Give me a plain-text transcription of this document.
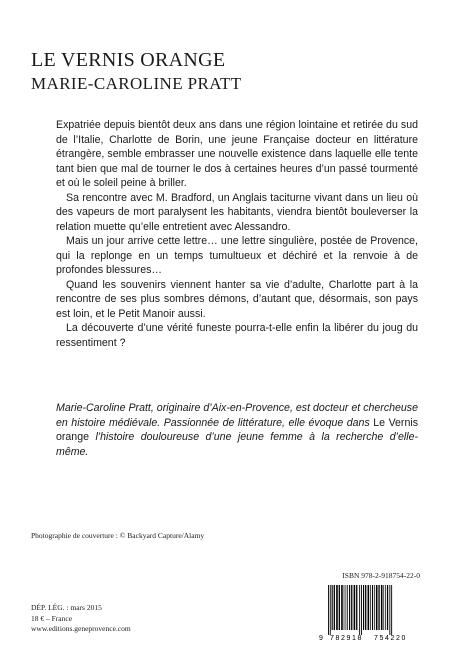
LE VERNIS ORANGE
MARIE-CAROLINE PRATT

Expatriée depuis bientôt deux ans dans une région lointaine et retirée du sud de l’Italie, Charlotte de Borin, une jeune Française docteur en littérature étrangère, semble embrasser une nouvelle existence dans laquelle elle tente tant bien que mal de tourner le dos à certaines heures d’un passé tourmenté et où le soleil peine à briller.

Sa rencontre avec M. Bradford, un Anglais taciturne vivant dans un lieu où des vapeurs de mort paralysent les habitants, viendra bientôt bouleverser la relation muette qu’elle entretient avec Alessandro.

Mais un jour arrive cette lettre… une lettre singulière, postée de Provence, qui la replonge en un temps tumultueux et déchiré et la renvoie à de profondes blessures…

Quand les souvenirs viennent hanter sa vie d’adulte, Charlotte part à la rencontre de ses plus sombres démons, d’autant que, désormais, son pays est loin, et le Petit Manoir aussi.

La découverte d’une vérité funeste pourra-t-elle enfin la libérer du joug du ressentiment ?

Marie-Caroline Pratt, originaire d’Aix-en-Provence, est docteur et chercheuse en histoire médiévale. Passionnée de littérature, elle évoque dans Le Vernis orange l’histoire douloureuse d’une jeune femme à la recherche d’elle-même.
Photographie de couverture : © Backyard Capture/Alamy
ISBN 978-2-918754-22-0
DÉP. LÉG. : mars 2015
18 € – France
www.editions.geneprovence.com
9 782918 754220
